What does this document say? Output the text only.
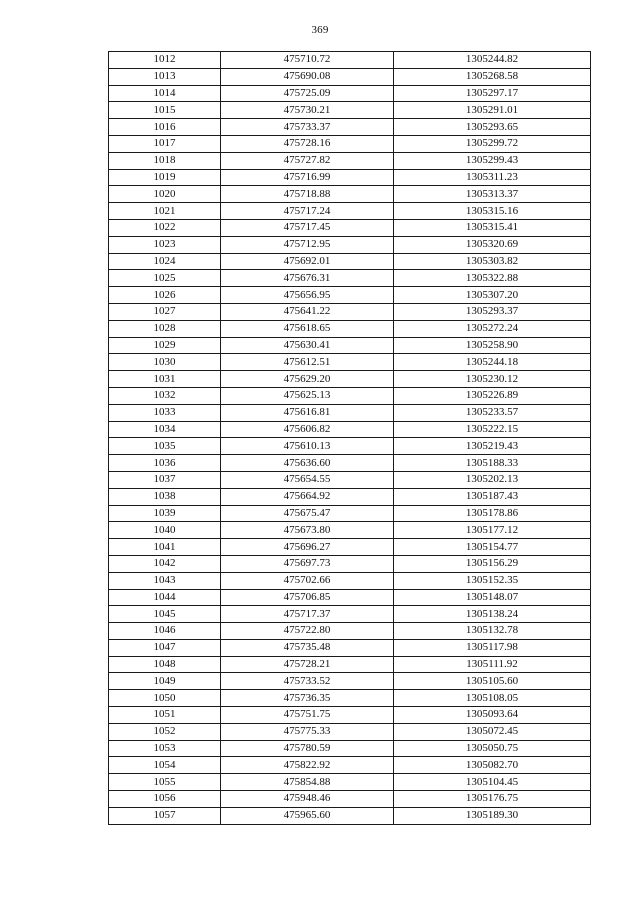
369
1012	475710.72	1305244.82
1013	475690.08	1305268.58
1014	475725.09	1305297.17
1015	475730.21	1305291.01
1016	475733.37	1305293.65
1017	475728.16	1305299.72
1018	475727.82	1305299.43
1019	475716.99	1305311.23
1020	475718.88	1305313.37
1021	475717.24	1305315.16
1022	475717.45	1305315.41
1023	475712.95	1305320.69
1024	475692.01	1305303.82
1025	475676.31	1305322.88
1026	475656.95	1305307.20
1027	475641.22	1305293.37
1028	475618.65	1305272.24
1029	475630.41	1305258.90
1030	475612.51	1305244.18
1031	475629.20	1305230.12
1032	475625.13	1305226.89
1033	475616.81	1305233.57
1034	475606.82	1305222.15
1035	475610.13	1305219.43
1036	475636.60	1305188.33
1037	475654.55	1305202.13
1038	475664.92	1305187.43
1039	475675.47	1305178.86
1040	475673.80	1305177.12
1041	475696.27	1305154.77
1042	475697.73	1305156.29
1043	475702.66	1305152.35
1044	475706.85	1305148.07
1045	475717.37	1305138.24
1046	475722.80	1305132.78
1047	475735.48	1305117.98
1048	475728.21	1305111.92
1049	475733.52	1305105.60
1050	475736.35	1305108.05
1051	475751.75	1305093.64
1052	475775.33	1305072.45
1053	475780.59	1305050.75
1054	475822.92	1305082.70
1055	475854.88	1305104.45
1056	475948.46	1305176.75
1057	475965.60	1305189.30
